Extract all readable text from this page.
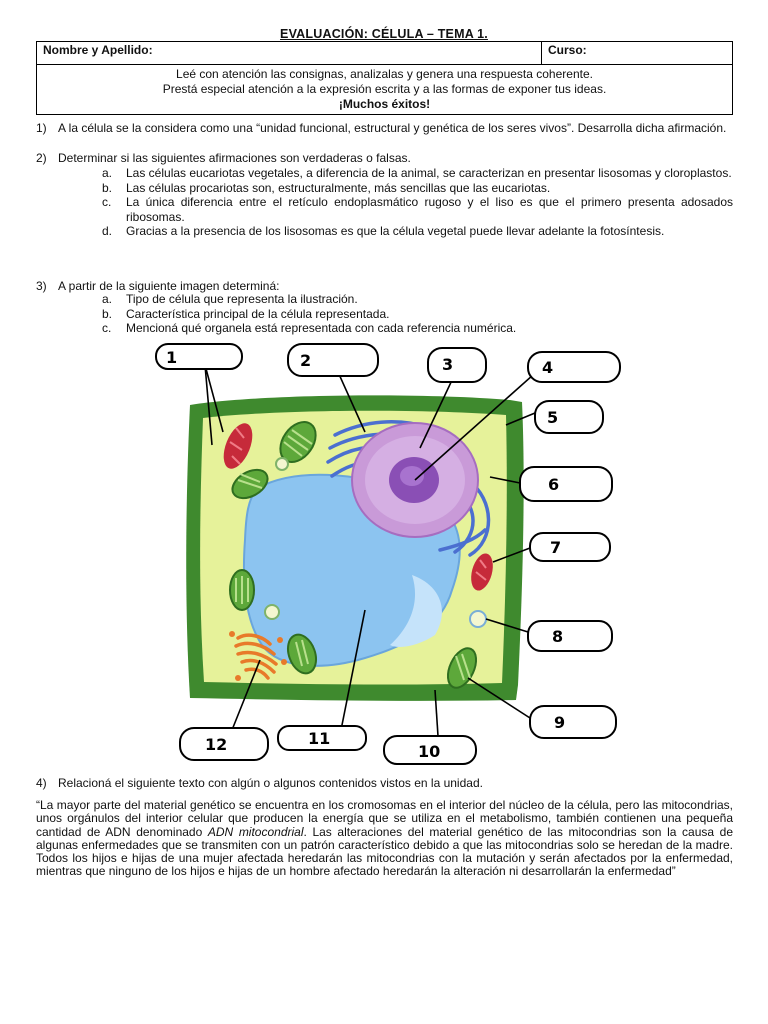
EVALUACIÓN: CÉLULA – TEMA 1.
Nombre y Apellido:	Curso:

Leé con atención las consignas, analizalas y genera una respuesta coherente.
Prestá especial atención a la expresión escrita y a las formas de exponer tus ideas.
¡Muchos éxitos!
1) A la célula se la considera como una “unidad funcional, estructural y genética de los seres vivos”. Desarrolla dicha afirmación.
2) Determinar si las siguientes afirmaciones son verdaderas o falsas.
a. Las células eucariotas vegetales, a diferencia de la animal, se caracterizan en presentar lisosomas y cloroplastos.
b. Las células procariotas son, estructuralmente, más sencillas que las eucariotas.
c. La única diferencia entre el retículo endoplasmático rugoso y el liso es que el primero presenta adosados ribosomas.
d. Gracias a la presencia de los lisosomas es que la célula vegetal puede llevar adelante la fotosíntesis.
3) A partir de la siguiente imagen determiná:
a. Tipo de célula que representa la ilustración.
b. Característica principal de la célula representada.
c. Mencioná qué organela está representada con cada referencia numérica.
1	2	3	4
5
6
7
8
9
10
11
12
4) Relacioná el siguiente texto con algún o algunos contenidos vistos en la unidad.
“La mayor parte del material genético se encuentra en los cromosomas en el interior del núcleo de la célula, pero las mitocondrias, unos orgánulos del interior celular que producen la energía que se utiliza en el metabolismo, también contienen una pequeña cantidad de ADN denominado ADN mitocondrial. Las alteraciones del material genético de las mitocondrias son la causa de algunas enfermedades que se transmiten con un patrón característico debido a que las mitocondrias solo se heredan de la madre. Todos los hijos e hijas de una mujer afectada heredarán las mitocondrias con la mutación y serán afectados por la enfermedad, mientras que ninguno de los hijos e hijas de un hombre afectado heredarán la alteración ni desarrollarán la enfermedad”
